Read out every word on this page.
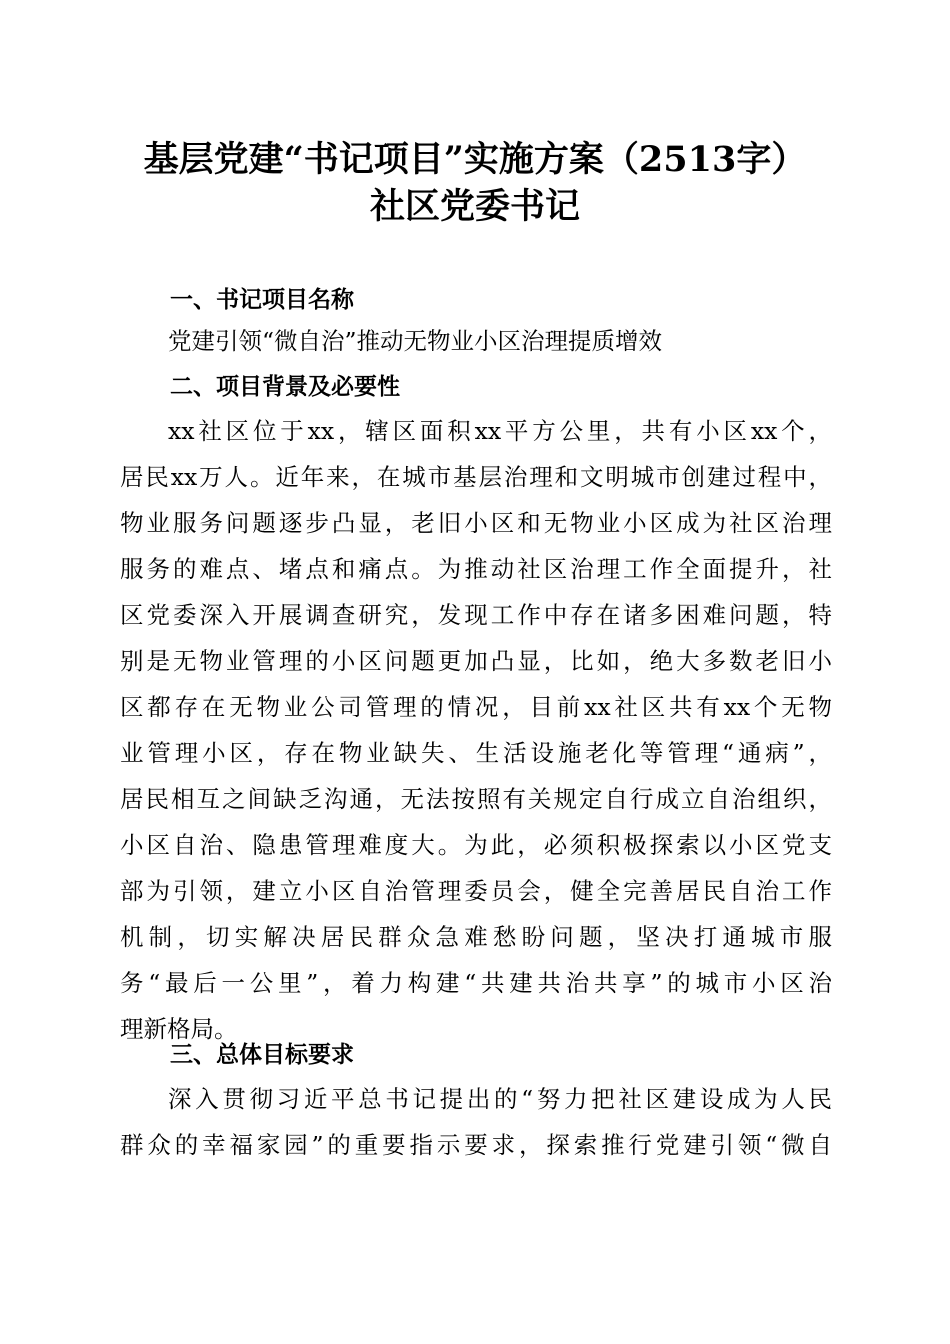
基层党建“书记项目”实施方案（2513字）
社区党委书记
一、书记项目名称
党建引领“微自治”推动无物业小区治理提质增效
二、项目背景及必要性
xx社区位于xx，辖区面积xx平方公里，共有小区xx个，
居民xx万人。近年来，在城市基层治理和文明城市创建过程中，
物业服务问题逐步凸显，老旧小区和无物业小区成为社区治理
服务的难点、堵点和痛点。为推动社区治理工作全面提升，社
区党委深入开展调查研究，发现工作中存在诸多困难问题，特
别是无物业管理的小区问题更加凸显，比如，绝大多数老旧小
区都存在无物业公司管理的情况，目前xx社区共有xx个无物
业管理小区，存在物业缺失、生活设施老化等管理“通病”，
居民相互之间缺乏沟通，无法按照有关规定自行成立自治组织，
小区自治、隐患管理难度大。为此，必须积极探索以小区党支
部为引领，建立小区自治管理委员会，健全完善居民自治工作
机制，切实解决居民群众急难愁盼问题，坚决打通城市服
务“最后一公里”，着力构建“共建共治共享”的城市小区治
理新格局。
三、总体目标要求
深入贯彻习近平总书记提出的“努力把社区建设成为人民
群众的幸福家园”的重要指示要求，探索推行党建引领“微自
